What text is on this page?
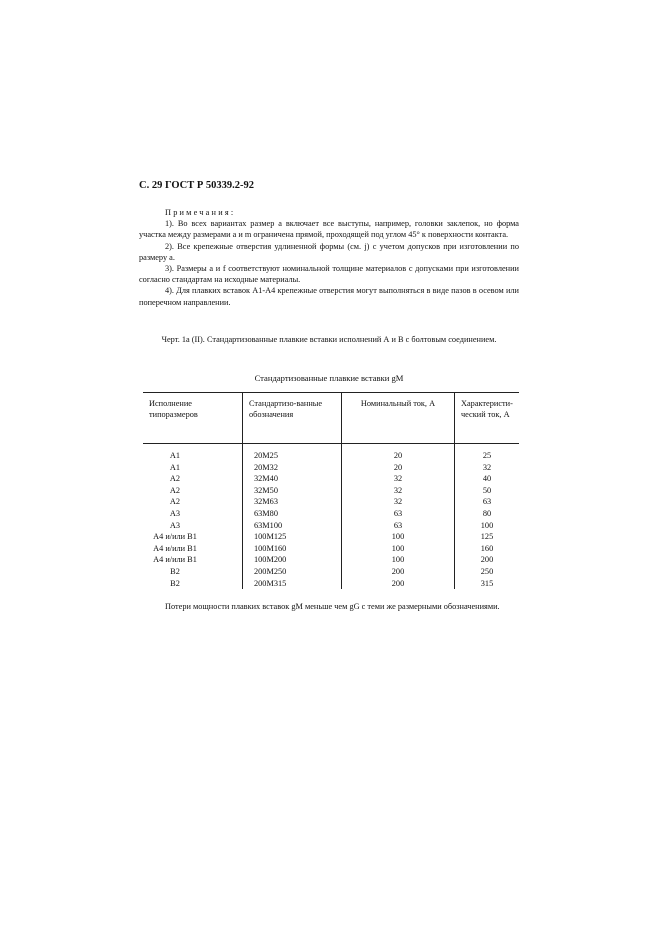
С. 29 ГОСТ Р 50339.2-92

Примечания:

1). Во всех вариантах размер a включает все выступы, например, головки заклепок, но форма участка между размерами a и m ограничена прямой, проходящей под углом 45° к поверхности контакта.

2). Все крепежные отверстия удлиненной формы (см. j) с учетом допусков при изготовлении по размеру a.

3). Размеры a и f соответствуют номинальной толщине материалов с допусками при изготовлении согласно стандартам на исходные материалы.

4). Для плавких вставок А1-А4 крепежные отверстия могут выполняться в виде пазов в осевом или поперечном направлении.

Черт. 1а (II). Стандартизованные плавкие вставки исполнений А и В с болтовым соединением.
Стандартизованные плавкие вставки gM
Исполнение типоразмеров	Стандартизо-ванные обозначения	Номинальный ток, А	Характеристи-ческий ток, А
A1	20M25	20	25
A1	20M32	20	32
A2	32M40	32	40
A2	32M50	32	50
A2	32M63	32	63
A3	63M80	63	80
A3	63M100	63	100
A4 и/или B1	100M125	100	125
A4 и/или B1	100M160	100	160
A4 и/или B1	100M200	100	200
B2	200M250	200	250
B2	200M315	200	315

Потери мощности плавких вставок gM меньше чем gG с теми же размерными обозначениями.
